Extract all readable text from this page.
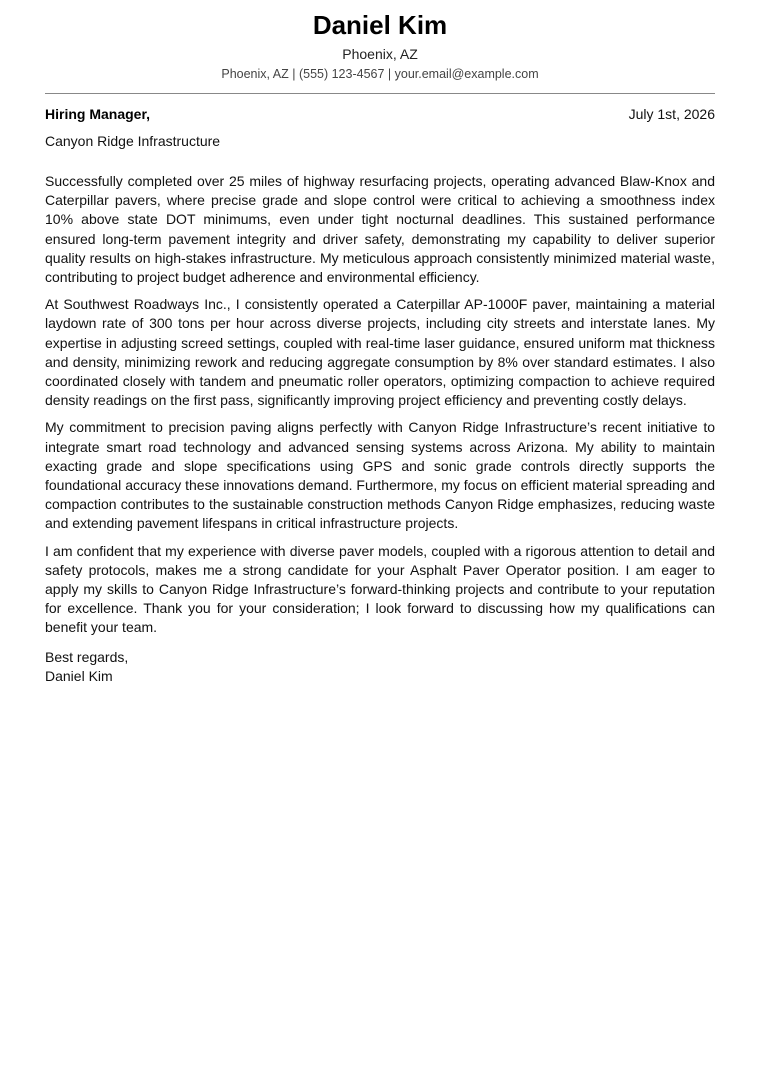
Daniel Kim
Phoenix, AZ
Phoenix, AZ | (555) 123-4567 | your.email@example.com
Hiring Manager,	July 1st, 2026
Canyon Ridge Infrastructure

Successfully completed over 25 miles of highway resurfacing projects, operating advanced Blaw-Knox and Caterpillar pavers, where precise grade and slope control were critical to achieving a smoothness index 10% above state DOT minimums, even under tight nocturnal deadlines. This sustained performance ensured long-term pavement integrity and driver safety, demonstrating my capability to deliver superior quality results on high-stakes infrastructure. My meticulous approach consistently minimized material waste, contributing to project budget adherence and environmental efficiency.

At Southwest Roadways Inc., I consistently operated a Caterpillar AP-1000F paver, maintaining a material laydown rate of 300 tons per hour across diverse projects, including city streets and interstate lanes. My expertise in adjusting screed settings, coupled with real-time laser guidance, ensured uniform mat thickness and density, minimizing rework and reducing aggregate consumption by 8% over standard estimates. I also coordinated closely with tandem and pneumatic roller operators, optimizing compaction to achieve required density readings on the first pass, significantly improving project efficiency and preventing costly delays.

My commitment to precision paving aligns perfectly with Canyon Ridge Infrastructure’s recent initiative to integrate smart road technology and advanced sensing systems across Arizona. My ability to maintain exacting grade and slope specifications using GPS and sonic grade controls directly supports the foundational accuracy these innovations demand. Furthermore, my focus on efficient material spreading and compaction contributes to the sustainable construction methods Canyon Ridge emphasizes, reducing waste and extending pavement lifespans in critical infrastructure projects.

I am confident that my experience with diverse paver models, coupled with a rigorous attention to detail and safety protocols, makes me a strong candidate for your Asphalt Paver Operator position. I am eager to apply my skills to Canyon Ridge Infrastructure’s forward-thinking projects and contribute to your reputation for excellence. Thank you for your consideration; I look forward to discussing how my qualifications can benefit your team.

Best regards,
Daniel Kim
